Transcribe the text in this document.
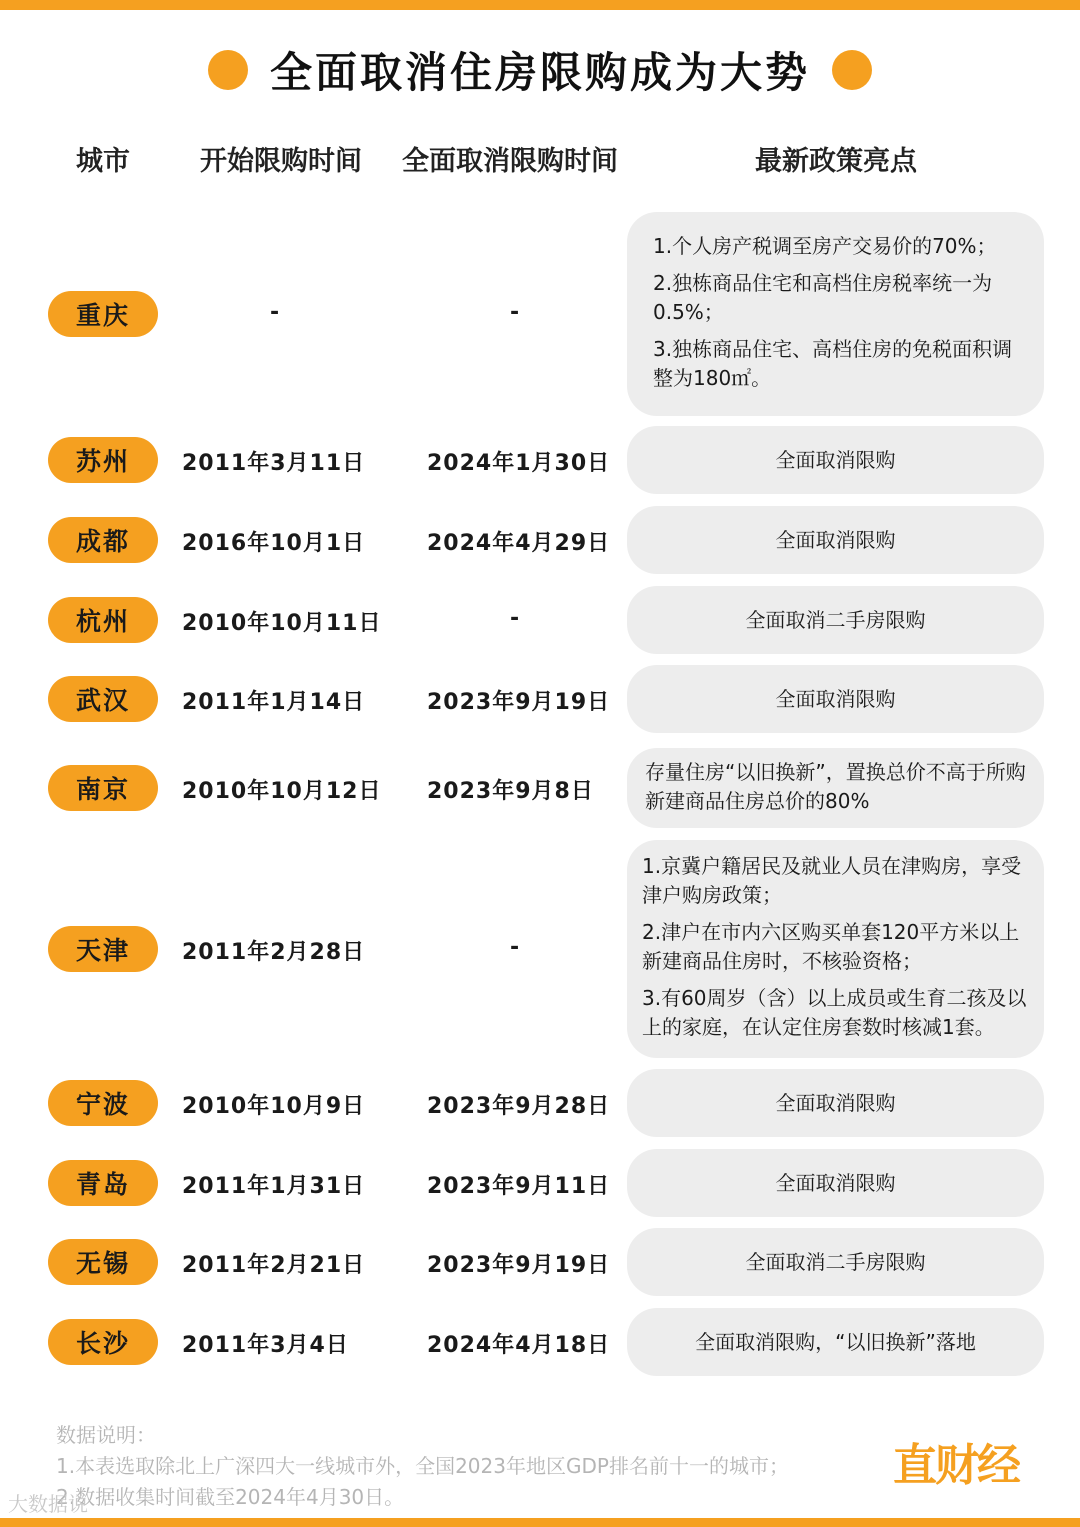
全面取消住房限购成为大势
城市	开始限购时间	全面取消限购时间	最新政策亮点
重庆	-	-
1.个人房产税调至房产交易价的70%；
2.独栋商品住宅和高档住房税率统一为0.5%；
3.独栋商品住宅、高档住房的免税面积调整为180㎡。
苏州	2011年3月11日	2024年1月30日	全面取消限购
成都	2016年10月1日	2024年4月29日	全面取消限购
杭州	2010年10月11日	-	全面取消二手房限购
武汉	2011年1月14日	2023年9月19日	全面取消限购
南京	2010年10月12日 2023年9月8日
存量住房“以旧换新”，置换总价不高于所购新建商品住房总价的80%
天津	2011年2月28日	-
1.京冀户籍居民及就业人员在津购房，享受津户购房政策；
2.津户在市内六区购买单套120平方米以上新建商品住房时，不核验资格；
3.有60周岁（含）以上成员或生育二孩及以上的家庭，在认定住房套数时核减1套。
宁波	2010年10月9日	2023年9月28日	全面取消限购
青岛	2011年1月31日	2023年9月11日	全面取消限购
无锡	2011年2月21日	2023年9月19日	全面取消二手房限购
长沙	2011年3月4日	2024年4月18日	全面取消限购，“以旧换新”落地
数据说明：
1.本表选取除北上广深四大一线城市外，全国2023年地区GDP排名前十一的城市；
2.数据收集时间截至2024年4月30日。
直财经
大数据说
